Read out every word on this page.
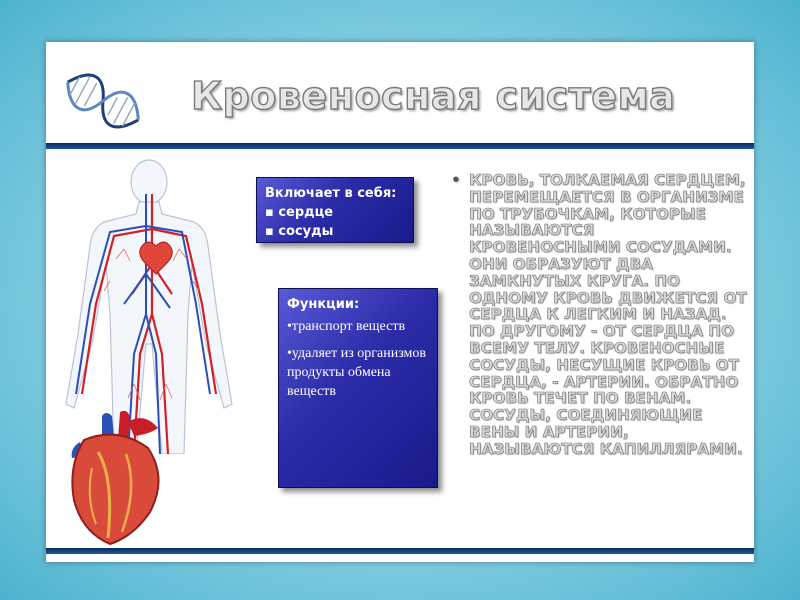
Кровеносная система
Включает в себя:
▪ сердце
▪ сосуды
Функции:
•транспорт веществ
•удаляет из организмов продукты обмена веществ
• КРОВЬ, ТОЛКАЕМАЯ СЕРДЦЕМ, ПЕРЕМЕЩАЕТСЯ В ОРГАНИЗМЕ ПО ТРУБОЧКАМ, КОТОРЫЕ НАЗЫВАЮТСЯ КРОВЕНОСНЫМИ СОСУДАМИ. ОНИ ОБРАЗУЮТ ДВА ЗАМКНУТЫХ КРУГА. ПО ОДНОМУ КРОВЬ ДВИЖЕТСЯ ОТ СЕРДЦА К ЛЕГКИМ И НАЗАД. ПО ДРУГОМУ - ОТ СЕРДЦА ПО ВСЕМУ ТЕЛУ. КРОВЕНОСНЫЕ СОСУДЫ, НЕСУЩИЕ КРОВЬ ОТ СЕРДЦА, - АРТЕРИИ. ОБРАТНО КРОВЬ ТЕЧЕТ ПО ВЕНАМ. СОСУДЫ, СОЕДИНЯЮЩИЕ ВЕНЫ И АРТЕРИИ, НАЗЫВАЮТСЯ КАПИЛЛЯРАМИ.
